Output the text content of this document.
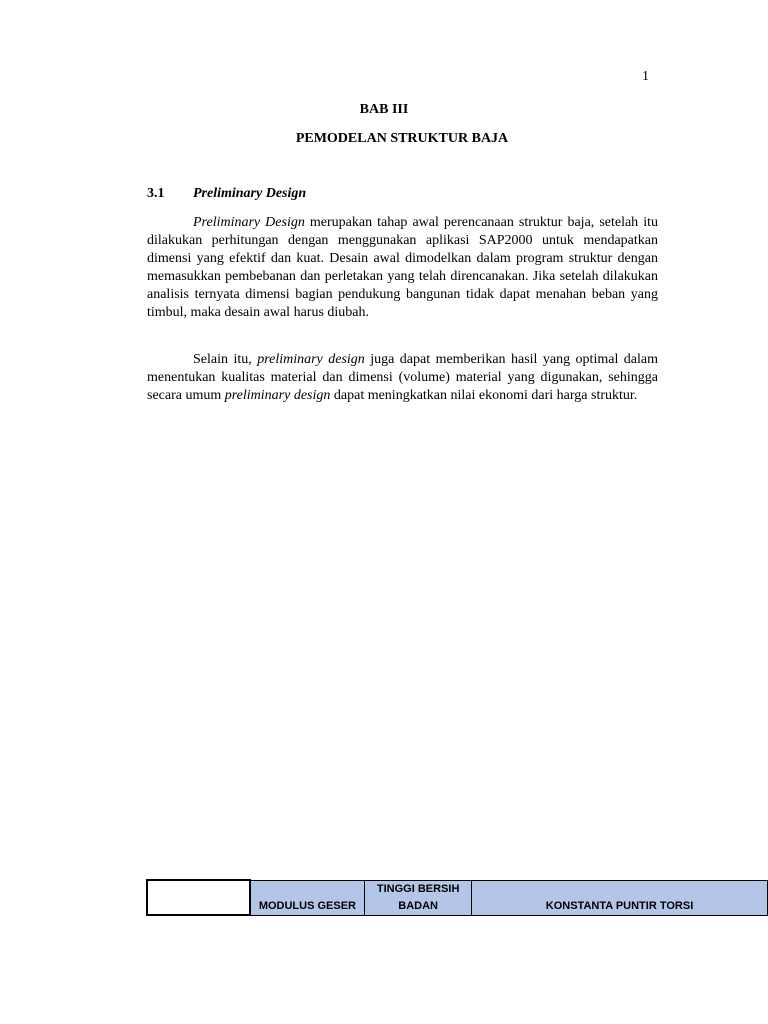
1
BAB III
PEMODELAN STRUKTUR BAJA
3.1 Preliminary Design

Preliminary Design merupakan tahap awal perencanaan struktur baja, setelah itu dilakukan perhitungan dengan menggunakan aplikasi SAP2000 untuk mendapatkan dimensi yang efektif dan kuat. Desain awal dimodelkan dalam program struktur dengan memasukkan pembebanan dan perletakan yang telah direncanakan. Jika setelah dilakukan analisis ternyata dimensi bagian pendukung bangunan tidak dapat menahan beban yang timbul, maka desain awal harus diubah.

Selain itu, preliminary design juga dapat memberikan hasil yang optimal dalam menentukan kualitas material dan dimensi (volume) material yang digunakan, sehingga secara umum preliminary design dapat meningkatkan nilai ekonomi dari harga struktur.

	MODULUS GESER	TINGGI BERSIH BADAN	KONSTANTA PUNTIR TORSI
